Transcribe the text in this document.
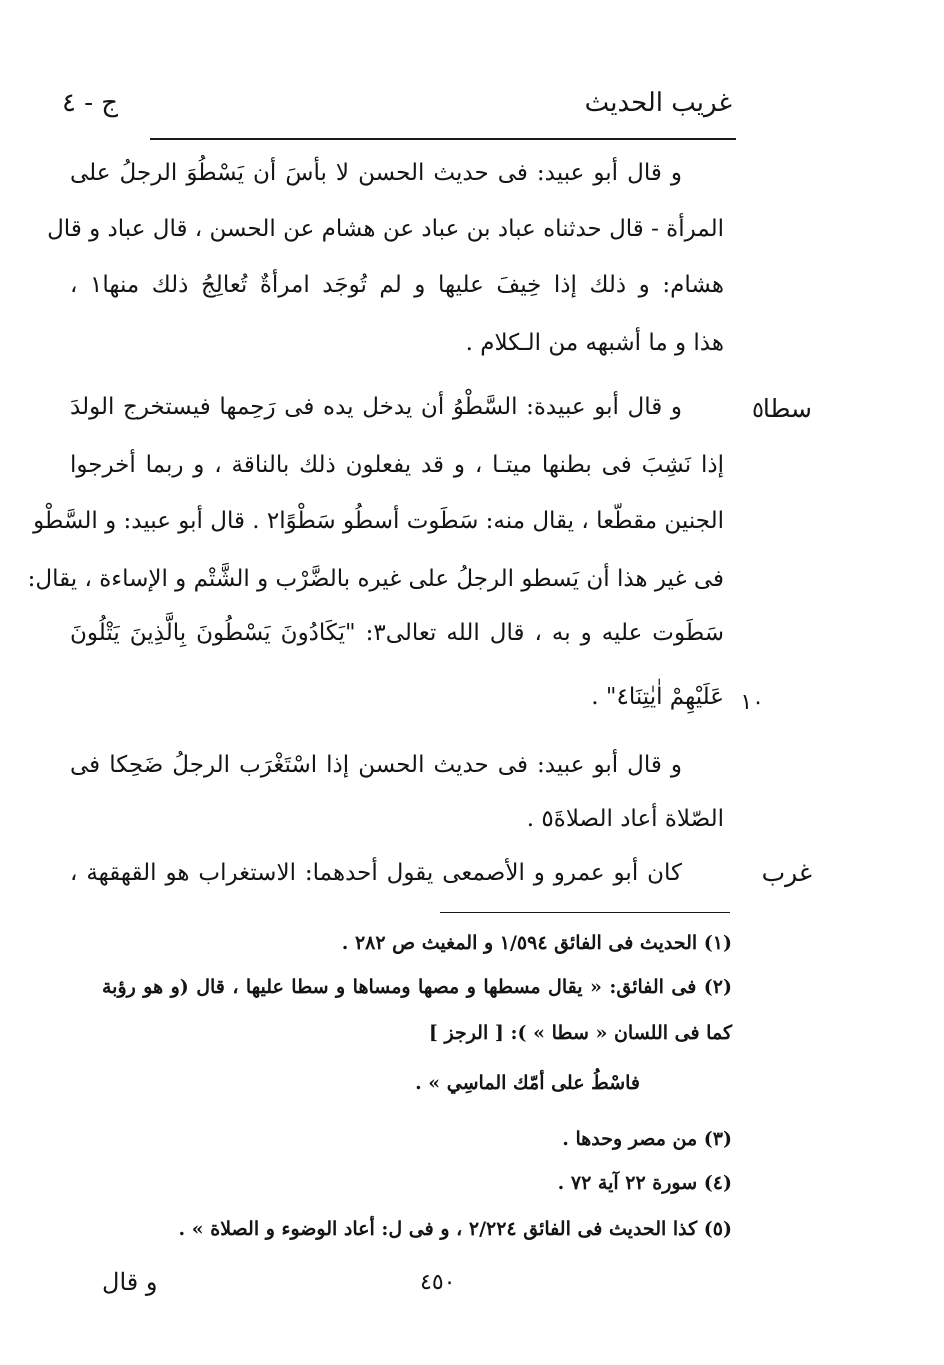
غريب الحديث
ج - ٤
و قال أبو عبيد: فى حديث الحسن لا بأسَ أن يَسْطُوَ الرجلُ على
المرأة - قال حدثناه عباد بن عباد عن هشام عن الحسن ، قال عباد و قال
هشام: و ذلك إذا خِيفَ عليها و لم تُوجَد امرأةٌ تُعالِجُ ذلك منها١ ،
هذا و ما أشبهه من الـكلام .
و قال أبو عبيدة: السَّطْوُ أن يدخل يده فى رَحِمها فيستخرج الولدَ	سطا
٥
إذا نَشِبَ فى بطنها ميتـا ، و قد يفعلون ذلك بالناقة ، و ربما أخرجوا
الجنين مقطّعا ، يقال منه: سَطَوت أسطُو سَطْوًا٢ . قال أبو عبيد: و السَّطْو
فى غير هذا أن يَسطو الرجلُ على غيره بالضَّرْب و الشَّتْم و الإساءة ، يقال:
سَطَوت عليه و به ، قال الله تعالى٣: "يَكَادُونَ يَسْطُونَ بِالَّذِينَ يَتْلُونَ
عَلَيْهِمْ اٰيٰتِنَا٤" . ١٠
و قال أبو عبيد: فى حديث الحسن إذا اسْتَغْرَب الرجلُ ضَحِكا فى
الصّلاة أعاد الصلاةَ٥ .
كان أبو عمرو و الأصمعى يقول أحدهما: الاستغراب هو القهقهة ،	غرب
(١) الحديث فى الفائق ١/٥٩٤ و المغيث ص ٢٨٢ .
(٢) فى الفائق: « يقال مسطها و مصها ومساها و سطا عليها ، قال (و هو رؤبة
كما فى اللسان « سطا » ): [ الرجز ]
فاسْطُ على أمّك الماسِي » .
(٣) من مصر وحدها .
(٤) سورة ٢٢ آية ٧٢ .
(٥) كذا الحديث فى الفائق ٢/٢٢٤ ، و فى ل: أعاد الوضوء و الصلاة » .
و قال	٤٥٠
